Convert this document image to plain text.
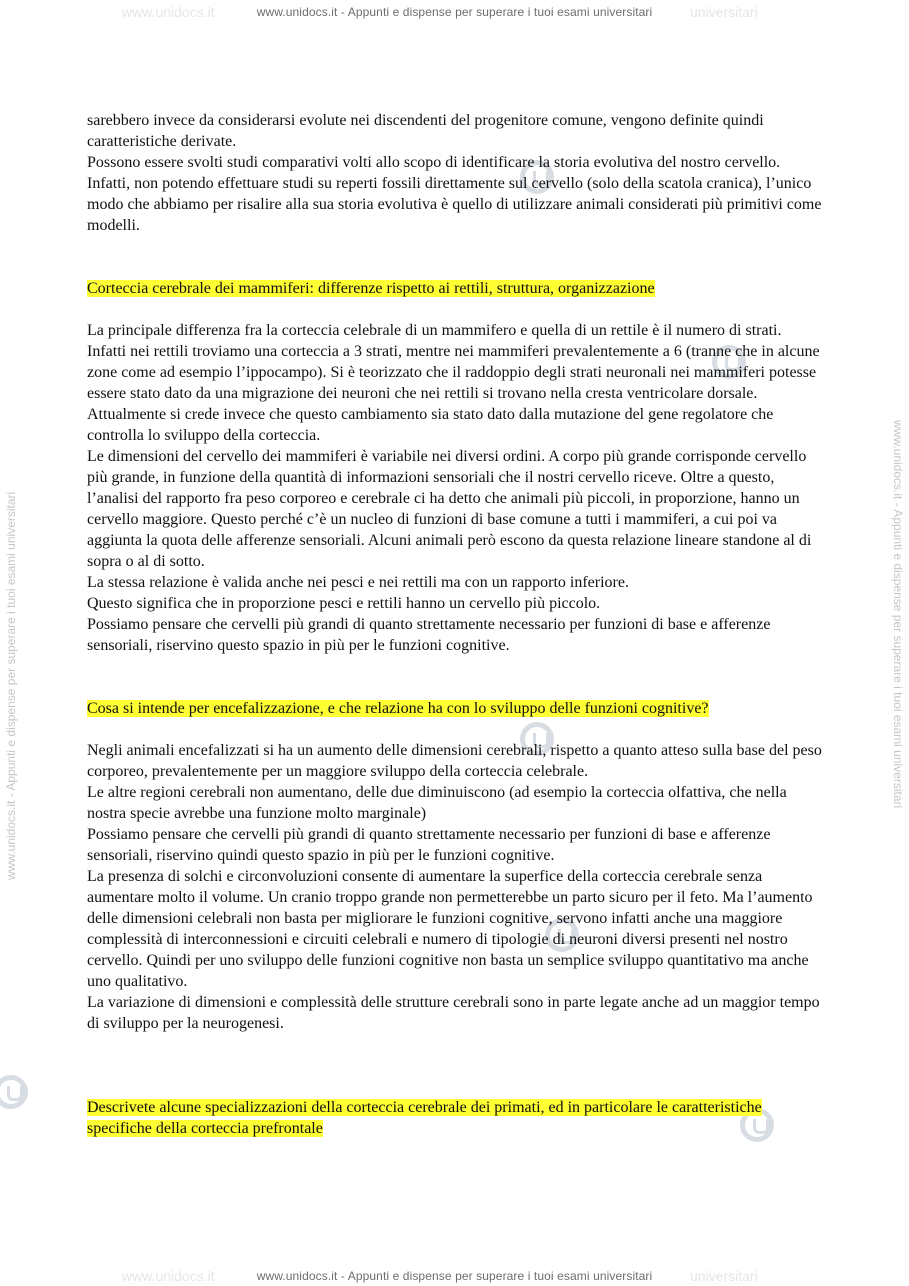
www.unidocs.it	universitari
www.unidocs.it	universitari
www.unidocs.it - Appunti e dispense per superare i tuoi esami universitari
www.unidocs.it - Appunti e dispense per superare i tuoi esami universitari	www.unidocs.it - Appunti e dispense per superare i tuoi esami universitari

sarebbero invece da considerarsi evolute nei discendenti del progenitore comune, vengono definite quindi caratteristiche derivate.

Possono essere svolti studi comparativi volti allo scopo di identificare la storia evolutiva del nostro cervello. Infatti, non potendo effettuare studi su reperti fossili direttamente sul cervello (solo della scatola cranica), l’unico modo che abbiamo per risalire alla sua storia evolutiva è quello di utilizzare animali considerati più primitivi come modelli.

Corteccia cerebrale dei mammiferi: differenze rispetto ai rettili, struttura, organizzazione

La principale differenza fra la corteccia celebrale di un mammifero e quella di un rettile è il numero di strati. Infatti nei rettili troviamo una corteccia a 3 strati, mentre nei mammiferi prevalentemente a 6 (tranne che in alcune zone come ad esempio l’ippocampo). Si è teorizzato che il raddoppio degli strati neuronali nei mammiferi potesse essere stato dato da una migrazione dei neuroni che nei rettili si trovano nella cresta ventricolare dorsale. Attualmente si crede invece che questo cambiamento sia stato dato dalla mutazione del gene regolatore che controlla lo sviluppo della corteccia.

Le dimensioni del cervello dei mammiferi è variabile nei diversi ordini. A corpo più grande corrisponde cervello più grande, in funzione della quantità di informazioni sensoriali che il nostri cervello riceve. Oltre a questo, l’analisi del rapporto fra peso corporeo e cerebrale ci ha detto che animali più piccoli, in proporzione, hanno un cervello maggiore. Questo perché c’è un nucleo di funzioni di base comune a tutti i mammiferi, a cui poi va aggiunta la quota delle afferenze sensoriali. Alcuni animali però escono da questa relazione lineare standone al di sopra o al di sotto.

La stessa relazione è valida anche nei pesci e nei rettili ma con un rapporto inferiore.

Questo significa che in proporzione pesci e rettili hanno un cervello più piccolo.

Possiamo pensare che cervelli più grandi di quanto strettamente necessario per funzioni di base e afferenze sensoriali, riservino questo spazio in più per le funzioni cognitive.

Cosa si intende per encefalizzazione, e che relazione ha con lo sviluppo delle funzioni cognitive?

Negli animali encefalizzati si ha un aumento delle dimensioni cerebrali, rispetto a quanto atteso sulla base del peso corporeo, prevalentemente per un maggiore sviluppo della corteccia celebrale.

Le altre regioni cerebrali non aumentano, delle due diminuiscono (ad esempio la corteccia olfattiva, che nella nostra specie avrebbe una funzione molto marginale)

Possiamo pensare che cervelli più grandi di quanto strettamente necessario per funzioni di base e afferenze sensoriali, riservino quindi questo spazio in più per le funzioni cognitive.

La presenza di solchi e circonvoluzioni consente di aumentare la superfice della corteccia cerebrale senza aumentare molto il volume. Un cranio troppo grande non permetterebbe un parto sicuro per il feto. Ma l’aumento delle dimensioni celebrali non basta per migliorare le funzioni cognitive, servono infatti anche una maggiore complessità di interconnessioni e circuiti celebrali e numero di tipologie di neuroni diversi presenti nel nostro cervello. Quindi per uno sviluppo delle funzioni cognitive non basta un semplice sviluppo quantitativo ma anche uno qualitativo.

La variazione di dimensioni e complessità delle strutture cerebrali sono in parte legate anche ad un maggior tempo di sviluppo per la neurogenesi.

Descrivete alcune specializzazioni della corteccia cerebrale dei primati, ed in particolare le caratteristiche specifiche della corteccia prefrontale

www.unidocs.it - Appunti e dispense per superare i tuoi esami universitari
